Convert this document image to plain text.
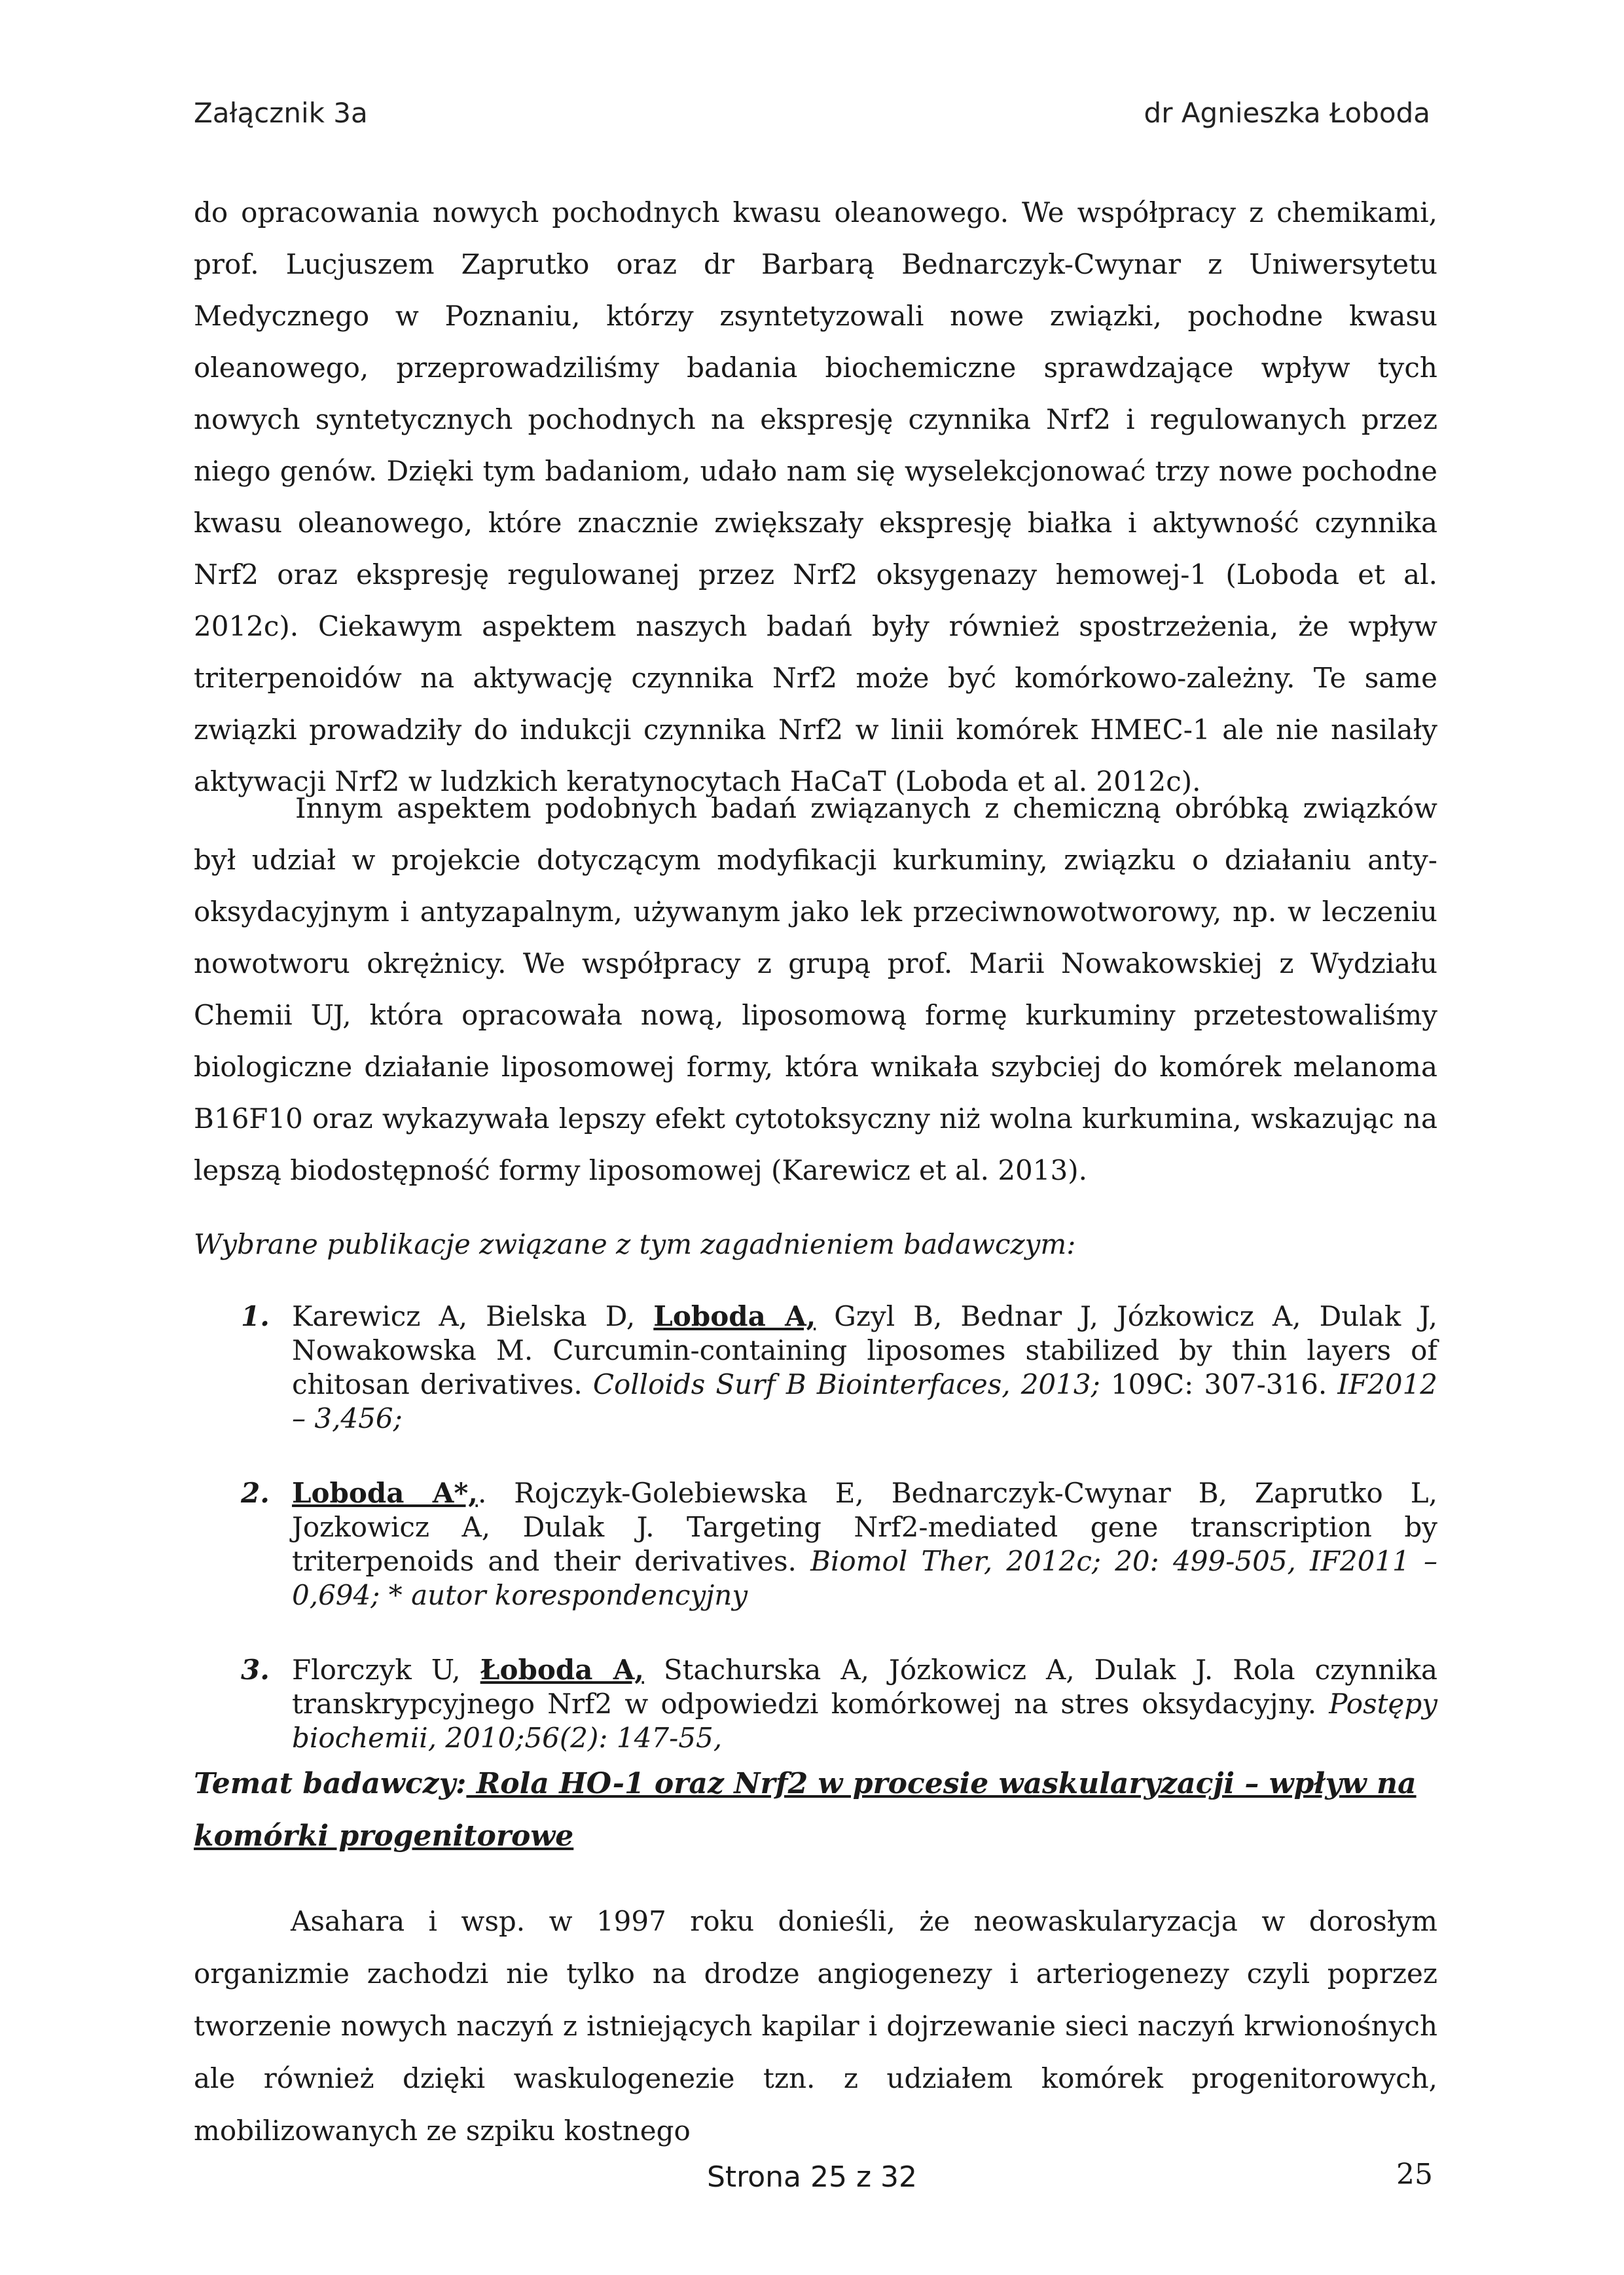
Załącznik 3a	dr Agnieszka Łoboda

do opracowania nowych pochodnych kwasu oleanowego. We współpracy z chemikami, prof. Lucjuszem Zaprutko oraz dr Barbarą Bednarczyk-Cwynar z Uniwersytetu Medycznego w Poznaniu, którzy zsyntetyzowali nowe związki, pochodne kwasu oleanowego, przeprowadziliśmy badania biochemiczne sprawdzające wpływ tych nowych syntetycznych pochodnych na ekspresję czynnika Nrf2 i regulowanych przez niego genów. Dzięki tym badaniom, udało nam się wyselekcjonować trzy nowe pochodne kwasu oleanowego, które znacznie zwiększały ekspresję białka i aktywność czynnika Nrf2 oraz ekspresję regulowanej przez Nrf2 oksygenazy hemowej-1 (Loboda et al. 2012c). Ciekawym aspektem naszych badań były również spostrzeżenia, że wpływ triterpenoidów na aktywację czynnika Nrf2 może być komórkowo-zależny. Te same związki prowadziły do indukcji czynnika Nrf2 w linii komórek HMEC-1 ale nie nasilały aktywacji Nrf2 w ludzkich keratynocytach HaCaT (Loboda et al. 2012c).

Innym aspektem podobnych badań związanych z chemiczną obróbką związków był udział w projekcie dotyczącym modyfikacji kurkuminy, związku o działaniu anty-oksydacyjnym i antyzapalnym, używanym jako lek przeciwnowotworowy, np. w leczeniu nowotworu okrężnicy. We współpracy z grupą prof. Marii Nowakowskiej z Wydziału Chemii UJ, która opracowała nową, liposomową formę kurkuminy przetestowaliśmy biologiczne działanie liposomowej formy, która wnikała szybciej do komórek melanoma B16F10 oraz wykazywała lepszy efekt cytotoksyczny niż wolna kurkumina, wskazując na lepszą biodostępność formy liposomowej (Karewicz et al. 2013).

Wybrane publikacje związane z tym zagadnieniem badawczym:
1. Karewicz A, Bielska D, Loboda A, Gzyl B, Bednar J, Józkowicz A, Dulak J, Nowakowska M. Curcumin-containing liposomes stabilized by thin layers of chitosan derivatives. Colloids Surf B Biointerfaces, 2013; 109C: 307-316. IF2012 – 3,456;
2. Loboda A*,. Rojczyk-Golebiewska E, Bednarczyk-Cwynar B, Zaprutko L, Jozkowicz A, Dulak J. Targeting Nrf2-mediated gene transcription by triterpenoids and their derivatives. Biomol Ther, 2012c; 20: 499-505, IF2011 – 0,694; * autor korespondencyjny
3. Florczyk U, Łoboda A, Stachurska A, Józkowicz A, Dulak J. Rola czynnika transkrypcyjnego Nrf2 w odpowiedzi komórkowej na stres oksydacyjny. Postępy biochemii, 2010;56(2): 147-55,
Temat badawczy: Rola HO-1 oraz Nrf2 w procesie waskularyzacji – wpływ na komórki progenitorowe

Asahara i wsp. w 1997 roku donieśli, że neowaskularyzacja w dorosłym organizmie zachodzi nie tylko na drodze angiogenezy i arteriogenezy czyli poprzez tworzenie nowych naczyń z istniejących kapilar i dojrzewanie sieci naczyń krwionośnych ale również dzięki waskulogenezie tzn. z udziałem komórek progenitorowych, mobilizowanych ze szpiku kostnego

Strona 25 z 32	25
